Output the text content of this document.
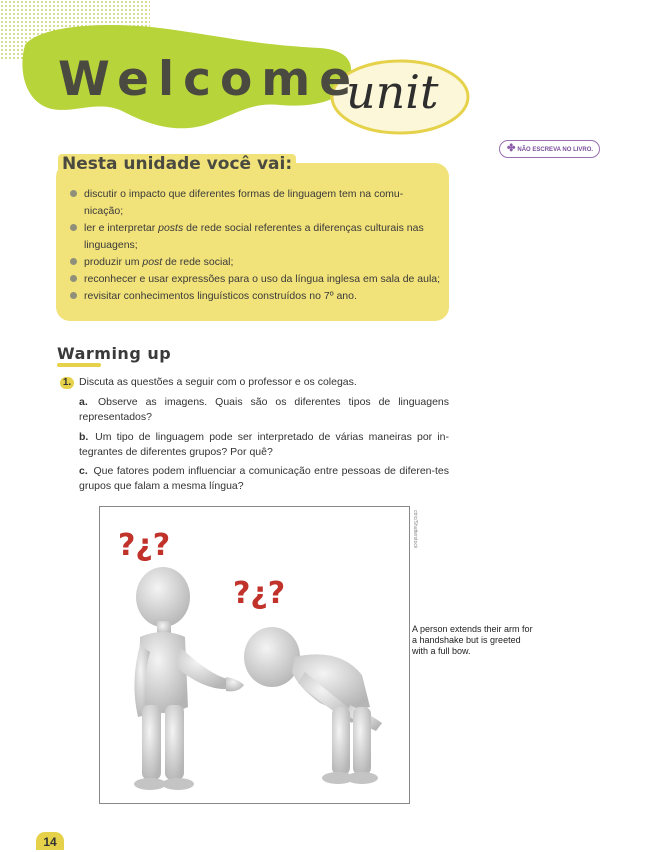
Welcome
unit
✤ NÃO ESCREVA NO LIVRO.
Nesta unidade você vai:
discutir o impacto que diferentes formas de linguagem tem na comu-nicação;
ler e interpretar posts de rede social referentes a diferenças culturais nas linguagens;
produzir um post de rede social;
reconhecer e usar expressões para o uso da língua inglesa em sala de aula;
revisitar conhecimentos linguísticos construídos no 7º ano.
Warming up
1. Discuta as questões a seguir com o professor e os colegas.
a. Observe as imagens. Quais são os diferentes tipos de linguagens representados?
b. Um tipo de linguagem pode ser interpretado de várias maneiras por in-tegrantes de diferentes grupos? Por quê?
c. Que fatores podem influenciar a comunicação entre pessoas de diferen-tes grupos que falam a mesma língua?
?¿?
?¿?
ctric/Shutterstock
A person extends their arm for a handshake but is greeted with a full bow.
14
